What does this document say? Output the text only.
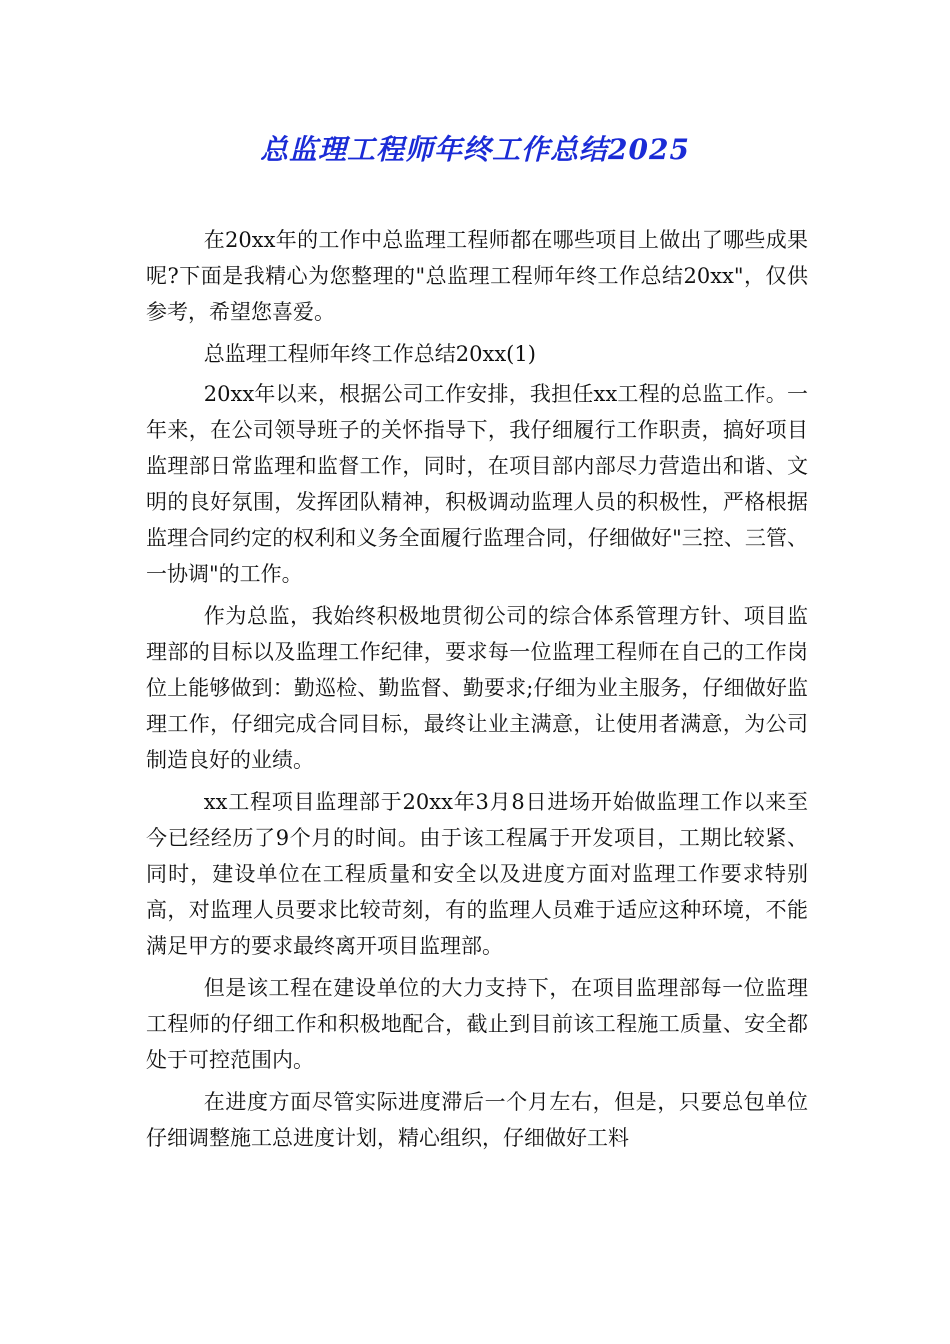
总监理工程师年终工作总结2025

在20xx年的工作中总监理工程师都在哪些项目上做出了哪些成果呢?下面是我精心为您整理的"总监理工程师年终工作总结20xx"，仅供参考，希望您喜爱。

总监理工程师年终工作总结20xx(1)

20xx年以来，根据公司工作安排，我担任xx工程的总监工作。一年来，在公司领导班子的关怀指导下，我仔细履行工作职责，搞好项目监理部日常监理和监督工作，同时，在项目部内部尽力营造出和谐、文明的良好氛围，发挥团队精神，积极调动监理人员的积极性，严格根据监理合同约定的权利和义务全面履行监理合同，仔细做好"三控、三管、一协调"的工作。

作为总监，我始终积极地贯彻公司的综合体系管理方针、项目监理部的目标以及监理工作纪律，要求每一位监理工程师在自己的工作岗位上能够做到：勤巡检、勤监督、勤要求;仔细为业主服务，仔细做好监理工作，仔细完成合同目标，最终让业主满意，让使用者满意，为公司制造良好的业绩。

xx工程项目监理部于20xx年3月8日进场开始做监理工作以来至今已经经历了9个月的时间。由于该工程属于开发项目，工期比较紧、同时，建设单位在工程质量和安全以及进度方面对监理工作要求特别高，对监理人员要求比较苛刻，有的监理人员难于适应这种环境，不能满足甲方的要求最终离开项目监理部。

但是该工程在建设单位的大力支持下，在项目监理部每一位监理工程师的仔细工作和积极地配合，截止到目前该工程施工质量、安全都处于可控范围内。

在进度方面尽管实际进度滞后一个月左右，但是，只要总包单位仔细调整施工总进度计划，精心组织，仔细做好工料
